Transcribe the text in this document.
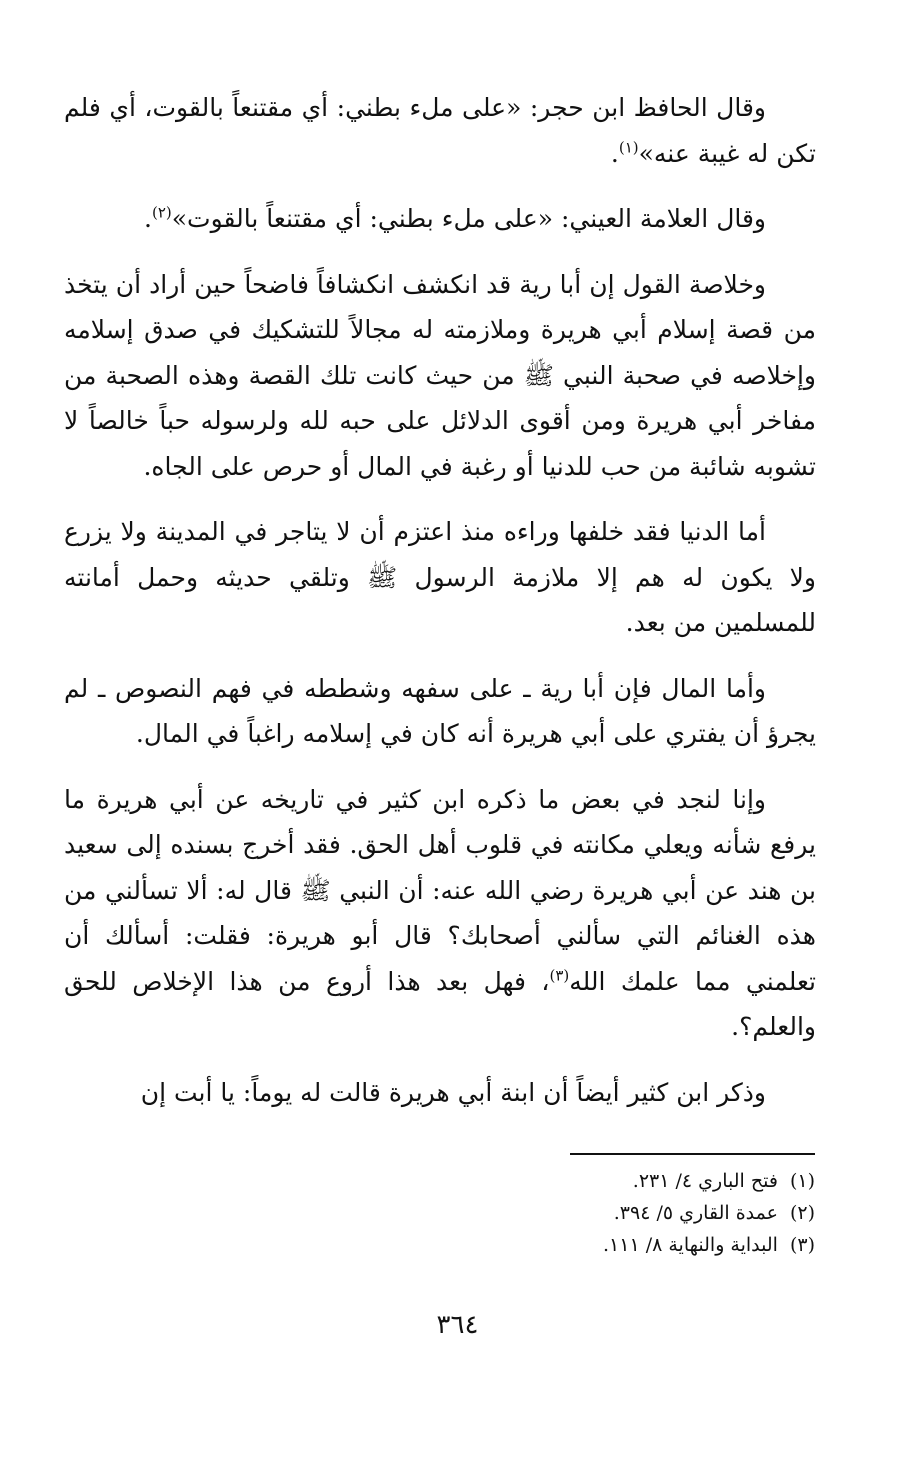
وقال الحافظ ابن حجر: «على ملء بطني: أي مقتنعاً بالقوت، أي فلم تكن له غيبة عنه»$^{(١)}$.

وقال العلامة العيني: «على ملء بطني: أي مقتنعاً بالقوت»$^{(٢)}$.

وخلاصة القول إن أبا رية قد انكشف انكشافاً فاضحاً حين أراد أن يتخذ من قصة إسلام أبي هريرة وملازمته له مجالاً للتشكيك في صدق إسلامه وإخلاصه في صحبة النبي ﷺ من حيث كانت تلك القصة وهذه الصحبة من مفاخر أبي هريرة ومن أقوى الدلائل على حبه لله ولرسوله حباً خالصاً لا تشوبه شائبة من حب للدنيا أو رغبة في المال أو حرص على الجاه.

أما الدنيا فقد خلفها وراءه منذ اعتزم أن لا يتاجر في المدينة ولا يزرع ولا يكون له هم إلا ملازمة الرسول ﷺ وتلقي حديثه وحمل أمانته للمسلمين من بعد.

وأما المال فإن أبا رية ـ على سفهه وشططه في فهم النصوص ـ لم يجرؤ أن يفتري على أبي هريرة أنه كان في إسلامه راغباً في المال.

وإنا لنجد في بعض ما ذكره ابن كثير في تاريخه عن أبي هريرة ما يرفع شأنه ويعلي مكانته في قلوب أهل الحق. فقد أخرج بسنده إلى سعيد بن هند عن أبي هريرة رضي الله عنه: أن النبي ﷺ قال له: ألا تسألني من هذه الغنائم التي سألني أصحابك؟ قال أبو هريرة: فقلت: أسألك أن تعلمني مما علمك الله$^{(٣)}$، فهل بعد هذا أروع من هذا الإخلاص للحق والعلم؟.

وذكر ابن كثير أيضاً أن ابنة أبي هريرة قالت له يوماً: يا أبت إن

(١)فتح الباري ٤/ ٢٣١.
(٢)عمدة القاري ٥/ ٣٩٤.
(٣)البداية والنهاية ٨/ ١١١.
٣٦٤
